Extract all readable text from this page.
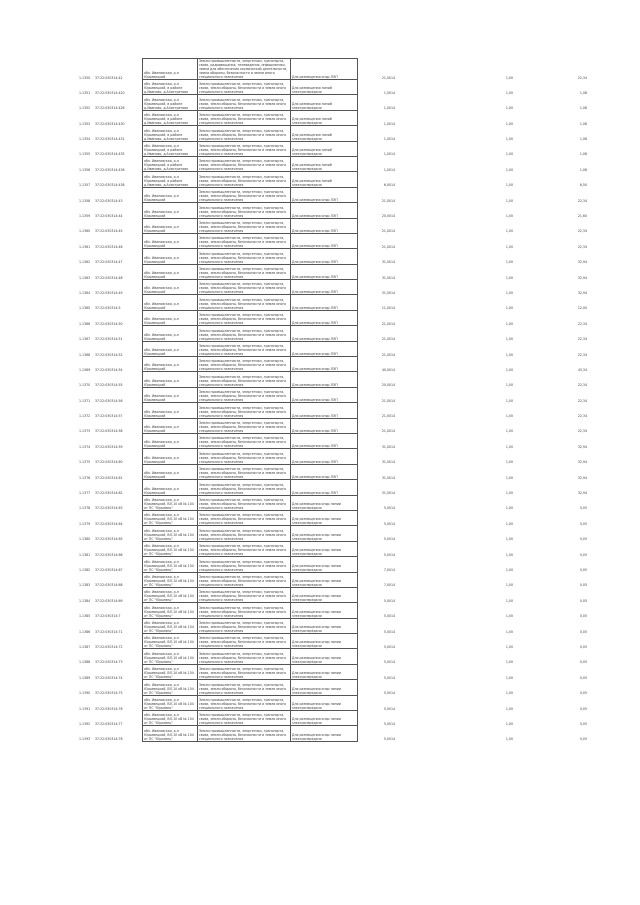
1.1350	37:22:030314:42	обл. Ивановская, р-н Юрьевецкий	Земли промышленности, энергетики, транспорта, связи, радиовещания, телевидения, информатики, земли для обеспечения космической деятельности, земли обороны, безопасности и земли иного специального назначения	Для размещения опор ЛЭП	21,0014		1,00	22,34
1.1351	37:22:030314:420	обл. Ивановская, р-н Юрьевецкий, в районе д.Иваново, д.Алистратово	Земли промышленности, энергетики, транспорта, связи, земли обороны, безопасности и земли иного специального назначения	Для размещения линий электропередачи	1,0014		1,00	1,08
1.1352	37:22:030314:426	обл. Ивановская, р-н Юрьевецкий, в районе д.Иваново, д.Алистратово	Земли промышленности, энергетики, транспорта, связи, земли обороны, безопасности и земли иного специального назначения	Для размещения линий электропередачи	1,0014		1,00	1,08
1.1353	37:22:030314:430	обл. Ивановская, р-н Юрьевецкий, в районе д.Иваново, д.Алистратово	Земли промышленности, энергетики, транспорта, связи, земли обороны, безопасности и земли иного специального назначения	Для размещения линий электропередачи	1,0014		1,00	1,08
1.1354	37:22:030314:431	обл. Ивановская, р-н Юрьевецкий, в районе д.Иваново, д.Алистратово	Земли промышленности, энергетики, транспорта, связи, земли обороны, безопасности и земли иного специального назначения	Для размещения линий электропередачи	1,0014		1,00	1,08
1.1355	37:22:030314:435	обл. Ивановская, р-н Юрьевецкий, в районе д.Иваново, д.Алистратово	Земли промышленности, энергетики, транспорта, связи, земли обороны, безопасности и земли иного специального назначения	Для размещения линий электропередачи	1,0014		1,00	1,08
1.1356	37:22:030314:436	обл. Ивановская, р-н Юрьевецкий, в районе д.Иваново, д.Алистратово	Земли промышленности, энергетики, транспорта, связи, земли обороны, безопасности и земли иного специального назначения	Для размещения линий электропередачи	1,0014		1,00	1,08
1.1357	37:22:030314:438	обл. Ивановская, р-н Юрьевецкий, в районе д.Иваново, д.Алистратово	Земли промышленности, энергетики, транспорта, связи, земли обороны, безопасности и земли иного специального назначения	Для размещения линий электропередачи	6,0014		1,00	6,50
1.1358	37:22:030314:43	обл. Ивановская, р-н Юрьевецкий	Земли промышленности, энергетики, транспорта, связи, земли обороны, безопасности и земли иного специального назначения	Для размещения опор ЛЭП	21,0014		1,00	22,34
1.1359	37:22:030314:44	обл. Ивановская, р-н Юрьевецкий	Земли промышленности, энергетики, транспорта, связи, земли обороны, безопасности и земли иного специального назначения	Для размещения опор ЛЭП	20,0014		1,00	21,60
1.1360	37:22:030314:45	обл. Ивановская, р-н Юрьевецкий	Земли промышленности, энергетики, транспорта, связи, земли обороны, безопасности и земли иного специального назначения	Для размещения опор ЛЭП	21,0014		1,00	22,34
1.1361	37:22:030314:46	обл. Ивановская, р-н Юрьевецкий	Земли промышленности, энергетики, транспорта, связи, земли обороны, безопасности и земли иного специального назначения	Для размещения опор ЛЭП	21,0014		1,00	22,34
1.1362	37:22:030314:47	обл. Ивановская, р-н Юрьевецкий	Земли промышленности, энергетики, транспорта, связи, земли обороны, безопасности и земли иного специального назначения	Для размещения опор ЛЭП	31,0014		1,00	32,94
1.1363	37:22:030314:48	обл. Ивановская, р-н Юрьевецкий	Земли промышленности, энергетики, транспорта, связи, земли обороны, безопасности и земли иного специального назначения	Для размещения опор ЛЭП	31,0014		1,00	32,94
1.1364	37:22:030314:49	обл. Ивановская, р-н Юрьевецкий	Земли промышленности, энергетики, транспорта, связи, земли обороны, безопасности и земли иного специального назначения	Для размещения опор ЛЭП	31,0014		1,00	32,94
1.1365	37:22:030314:5	обл. Ивановская, р-н Юрьевецкий	Земли промышленности, энергетики, транспорта, связи, земли обороны, безопасности и земли иного специального назначения	Для размещения опор ЛЭП	11,0014		1,00	12,00
1.1366	37:22:030314:50	обл. Ивановская, р-н Юрьевецкий	Земли промышленности, энергетики, транспорта, связи, земли обороны, безопасности и земли иного специального назначения	Для размещения опор ЛЭП	21,0014		1,00	22,34
1.1367	37:22:030314:51	обл. Ивановская, р-н Юрьевецкий	Земли промышленности, энергетики, транспорта, связи, земли обороны, безопасности и земли иного специального назначения	Для размещения опор ЛЭП	21,0014		1,00	22,34
1.1368	37:22:030314:52	обл. Ивановская, р-н Юрьевецкий	Земли промышленности, энергетики, транспорта, связи, земли обороны, безопасности и земли иного специального назначения	Для размещения опор ЛЭП	21,0014		1,00	22,34
1.1369	37:22:030314:54	обл. Ивановская, р-н Юрьевецкий	Земли промышленности, энергетики, транспорта, связи, земли обороны, безопасности и земли иного специального назначения	Для размещения опор ЛЭП	40,0014		1,00	43,34
1.1370	37:22:030314:55	обл. Ивановская, р-н Юрьевецкий	Земли промышленности, энергетики, транспорта, связи, земли обороны, безопасности и земли иного специального назначения	Для размещения опор ЛЭП	20,0014		1,00	22,34
1.1371	37:22:030314:56	обл. Ивановская, р-н Юрьевецкий	Земли промышленности, энергетики, транспорта, связи, земли обороны, безопасности и земли иного специального назначения	Для размещения опор ЛЭП	21,0014		1,00	22,34
1.1372	37:22:030314:57	обл. Ивановская, р-н Юрьевецкий	Земли промышленности, энергетики, транспорта, связи, земли обороны, безопасности и земли иного специального назначения	Для размещения опор ЛЭП	21,0014		1,00	22,34
1.1373	37:22:030314:58	обл. Ивановская, р-н Юрьевецкий	Земли промышленности, энергетики, транспорта, связи, земли обороны, безопасности и земли иного специального назначения	Для размещения опор ЛЭП	21,0014		1,00	22,34
1.1374	37:22:030314:59	обл. Ивановская, р-н Юрьевецкий	Земли промышленности, энергетики, транспорта, связи, земли обороны, безопасности и земли иного специального назначения	Для размещения опор ЛЭП	31,0014		1,00	32,94
1.1375	37:22:030314:60	обл. Ивановская, р-н Юрьевецкий	Земли промышленности, энергетики, транспорта, связи, земли обороны, безопасности и земли иного специального назначения	Для размещения опор ЛЭП	31,0014		1,00	32,94
1.1376	37:22:030314:61	обл. Ивановская, р-н Юрьевецкий	Земли промышленности, энергетики, транспорта, связи, земли обороны, безопасности и земли иного специального назначения	Для размещения опор ЛЭП	31,0014		1,00	32,94
1.1377	37:22:030314:62	обл. Ивановская, р-н Юрьевецкий	Земли промышленности, энергетики, транспорта, связи, земли обороны, безопасности и земли иного специального назначения	Для размещения опор ЛЭП	31,0014		1,00	32,94
1.1378	37:22:030314:63	обл. Ивановская, р-н Юрьевецкий, ВЛ-10 кВ № 104 от ПС "Юрьевец"	Земли промышленности, энергетики, транспорта, связи, земли обороны, безопасности и земли иного специального назначения	Для размещения опор линии электропередачи	5,0014		1,00	0,05
1.1379	37:22:030314:64	обл. Ивановская, р-н Юрьевецкий, ВЛ-10 кВ № 104 от ПС "Юрьевец"	Земли промышленности, энергетики, транспорта, связи, земли обороны, безопасности и земли иного специального назначения	Для размещения опор линии электропередачи	5,0014		1,00	0,05
1.1380	37:22:030314:65	обл. Ивановская, р-н Юрьевецкий, ВЛ-10 кВ № 104 от ПС "Юрьевец"	Земли промышленности, энергетики, транспорта, связи, земли обороны, безопасности и земли иного специального назначения	Для размещения опор линии электропередачи	5,0014		1,00	0,05
1.1381	37:22:030314:66	обл. Ивановская, р-н Юрьевецкий, ВЛ-10 кВ № 104 от ПС "Юрьевец"	Земли промышленности, энергетики, транспорта, связи, земли обороны, безопасности и земли иного специального назначения	Для размещения опор линии электропередачи	5,0014		1,00	0,05
1.1382	37:22:030314:67	обл. Ивановская, р-н Юрьевецкий, ВЛ-10 кВ № 104 от ПС "Юрьевец"	Земли промышленности, энергетики, транспорта, связи, земли обороны, безопасности и земли иного специального назначения	Для размещения опор линии электропередачи	7,0014		1,00	0,05
1.1383	37:22:030314:68	обл. Ивановская, р-н Юрьевецкий, ВЛ-10 кВ № 104 от ПС "Юрьевец"	Земли промышленности, энергетики, транспорта, связи, земли обороны, безопасности и земли иного специального назначения	Для размещения опор линии электропередачи	7,0014		1,00	0,05
1.1384	37:22:030314:69	обл. Ивановская, р-н Юрьевецкий, ВЛ-10 кВ № 104 от ПС "Юрьевец"	Земли промышленности, энергетики, транспорта, связи, земли обороны, безопасности и земли иного специального назначения	Для размещения опор линии электропередачи	5,0014		1,00	0,05
1.1385	37:22:030314:7	обл. Ивановская, р-н Юрьевецкий, ВЛ-10 кВ № 104 от ПС "Юрьевец"	Земли промышленности, энергетики, транспорта, связи, земли обороны, безопасности и земли иного специального назначения	Для размещения опор линии электропередачи	5,0014		1,00	0,05
1.1386	37:22:030314:71	обл. Ивановская, р-н Юрьевецкий, ВЛ-10 кВ № 104 от ПС "Юрьевец"	Земли промышленности, энергетики, транспорта, связи, земли обороны, безопасности и земли иного специального назначения	Для размещения опор линии электропередачи	5,0014		1,00	0,05
1.1387	37:22:030314:72	обл. Ивановская, р-н Юрьевецкий, ВЛ-10 кВ № 104 от ПС "Юрьевец"	Земли промышленности, энергетики, транспорта, связи, земли обороны, безопасности и земли иного специального назначения	Для размещения опор линии электропередачи	5,0014		1,00	0,05
1.1388	37:22:030314:73	обл. Ивановская, р-н Юрьевецкий, ВЛ-10 кВ № 104 от ПС "Юрьевец"	Земли промышленности, энергетики, транспорта, связи, земли обороны, безопасности и земли иного специального назначения	Для размещения опор линии электропередачи	5,0014		1,00	0,05
1.1389	37:22:030314:74	обл. Ивановская, р-н Юрьевецкий, ВЛ-10 кВ № 104 от ПС "Юрьевец"	Земли промышленности, энергетики, транспорта, связи, земли обороны, безопасности и земли иного специального назначения	Для размещения опор линии электропередачи	5,0014		1,00	0,05
1.1390	37:22:030314:75	обл. Ивановская, р-н Юрьевецкий, ВЛ-10 кВ № 104 от ПС "Юрьевец"	Земли промышленности, энергетики, транспорта, связи, земли обороны, безопасности и земли иного специального назначения	Для размещения опор линии электропередачи	5,0014		1,00	0,05
1.1391	37:22:030314:76	обл. Ивановская, р-н Юрьевецкий, ВЛ-10 кВ № 104 от ПС "Юрьевец"	Земли промышленности, энергетики, транспорта, связи, земли обороны, безопасности и земли иного специального назначения	Для размещения опор линии электропередачи	5,0014		1,00	0,05
1.1392	37:22:030314:77	обл. Ивановская, р-н Юрьевецкий, ВЛ-10 кВ № 104 от ПС "Юрьевец"	Земли промышленности, энергетики, транспорта, связи, земли обороны, безопасности и земли иного специального назначения	Для размещения опор линии электропередачи	5,0014		1,00	0,05
1.1393	37:22:030314:78	обл. Ивановская, р-н Юрьевецкий, ВЛ-10 кВ № 104 от ПС "Юрьевец"	Земли промышленности, энергетики, транспорта, связи, земли обороны, безопасности и земли иного специального назначения	Для размещения опор линии электропередачи	5,0014		1,00	0,05
